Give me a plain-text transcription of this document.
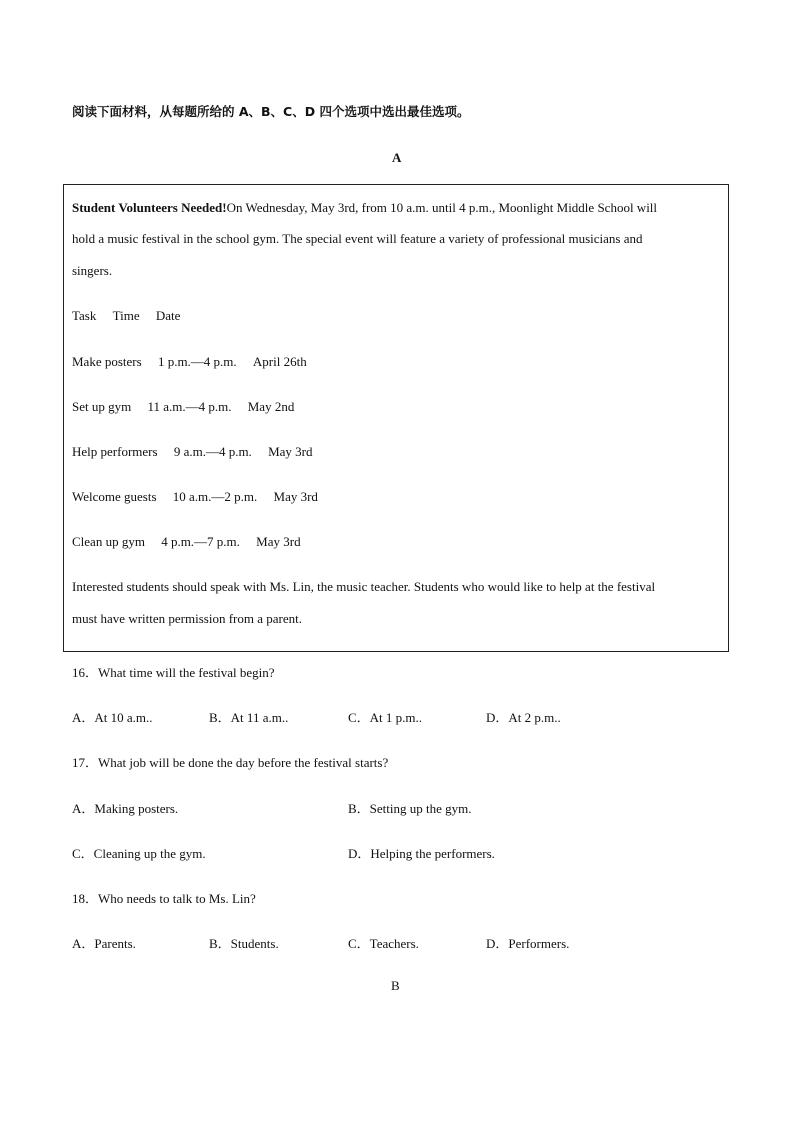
阅读下面材料，从每题所给的 A、B、C、D 四个选项中选出最佳选项。
A
Student Volunteers Needed!On Wednesday, May 3rd, from 10 a.m. until 4 p.m., Moonlight Middle School will
hold a music festival in the school gym. The special event will feature a variety of professional musicians and
singers.
Task Time Date
Make posters 1 p.m.—4 p.m. April 26th
Set up gym 11 a.m.—4 p.m. May 2nd
Help performers 9 a.m.—4 p.m. May 3rd
Welcome guests 10 a.m.—2 p.m. May 3rd
Clean up gym 4 p.m.—7 p.m. May 3rd
Interested students should speak with Ms. Lin, the music teacher. Students who would like to help at the festival
must have written permission from a parent.
16．What time will the festival begin?
A．At 10 a.m..	B．At 11 a.m..	C．At 1 p.m..	D．At 2 p.m..
17．What job will be done the day before the festival starts?
A．Making posters.	B．Setting up the gym.
C．Cleaning up the gym.	D．Helping the performers.
18．Who needs to talk to Ms. Lin?
A．Parents.	B．Students.	C．Teachers.	D．Performers.
B
